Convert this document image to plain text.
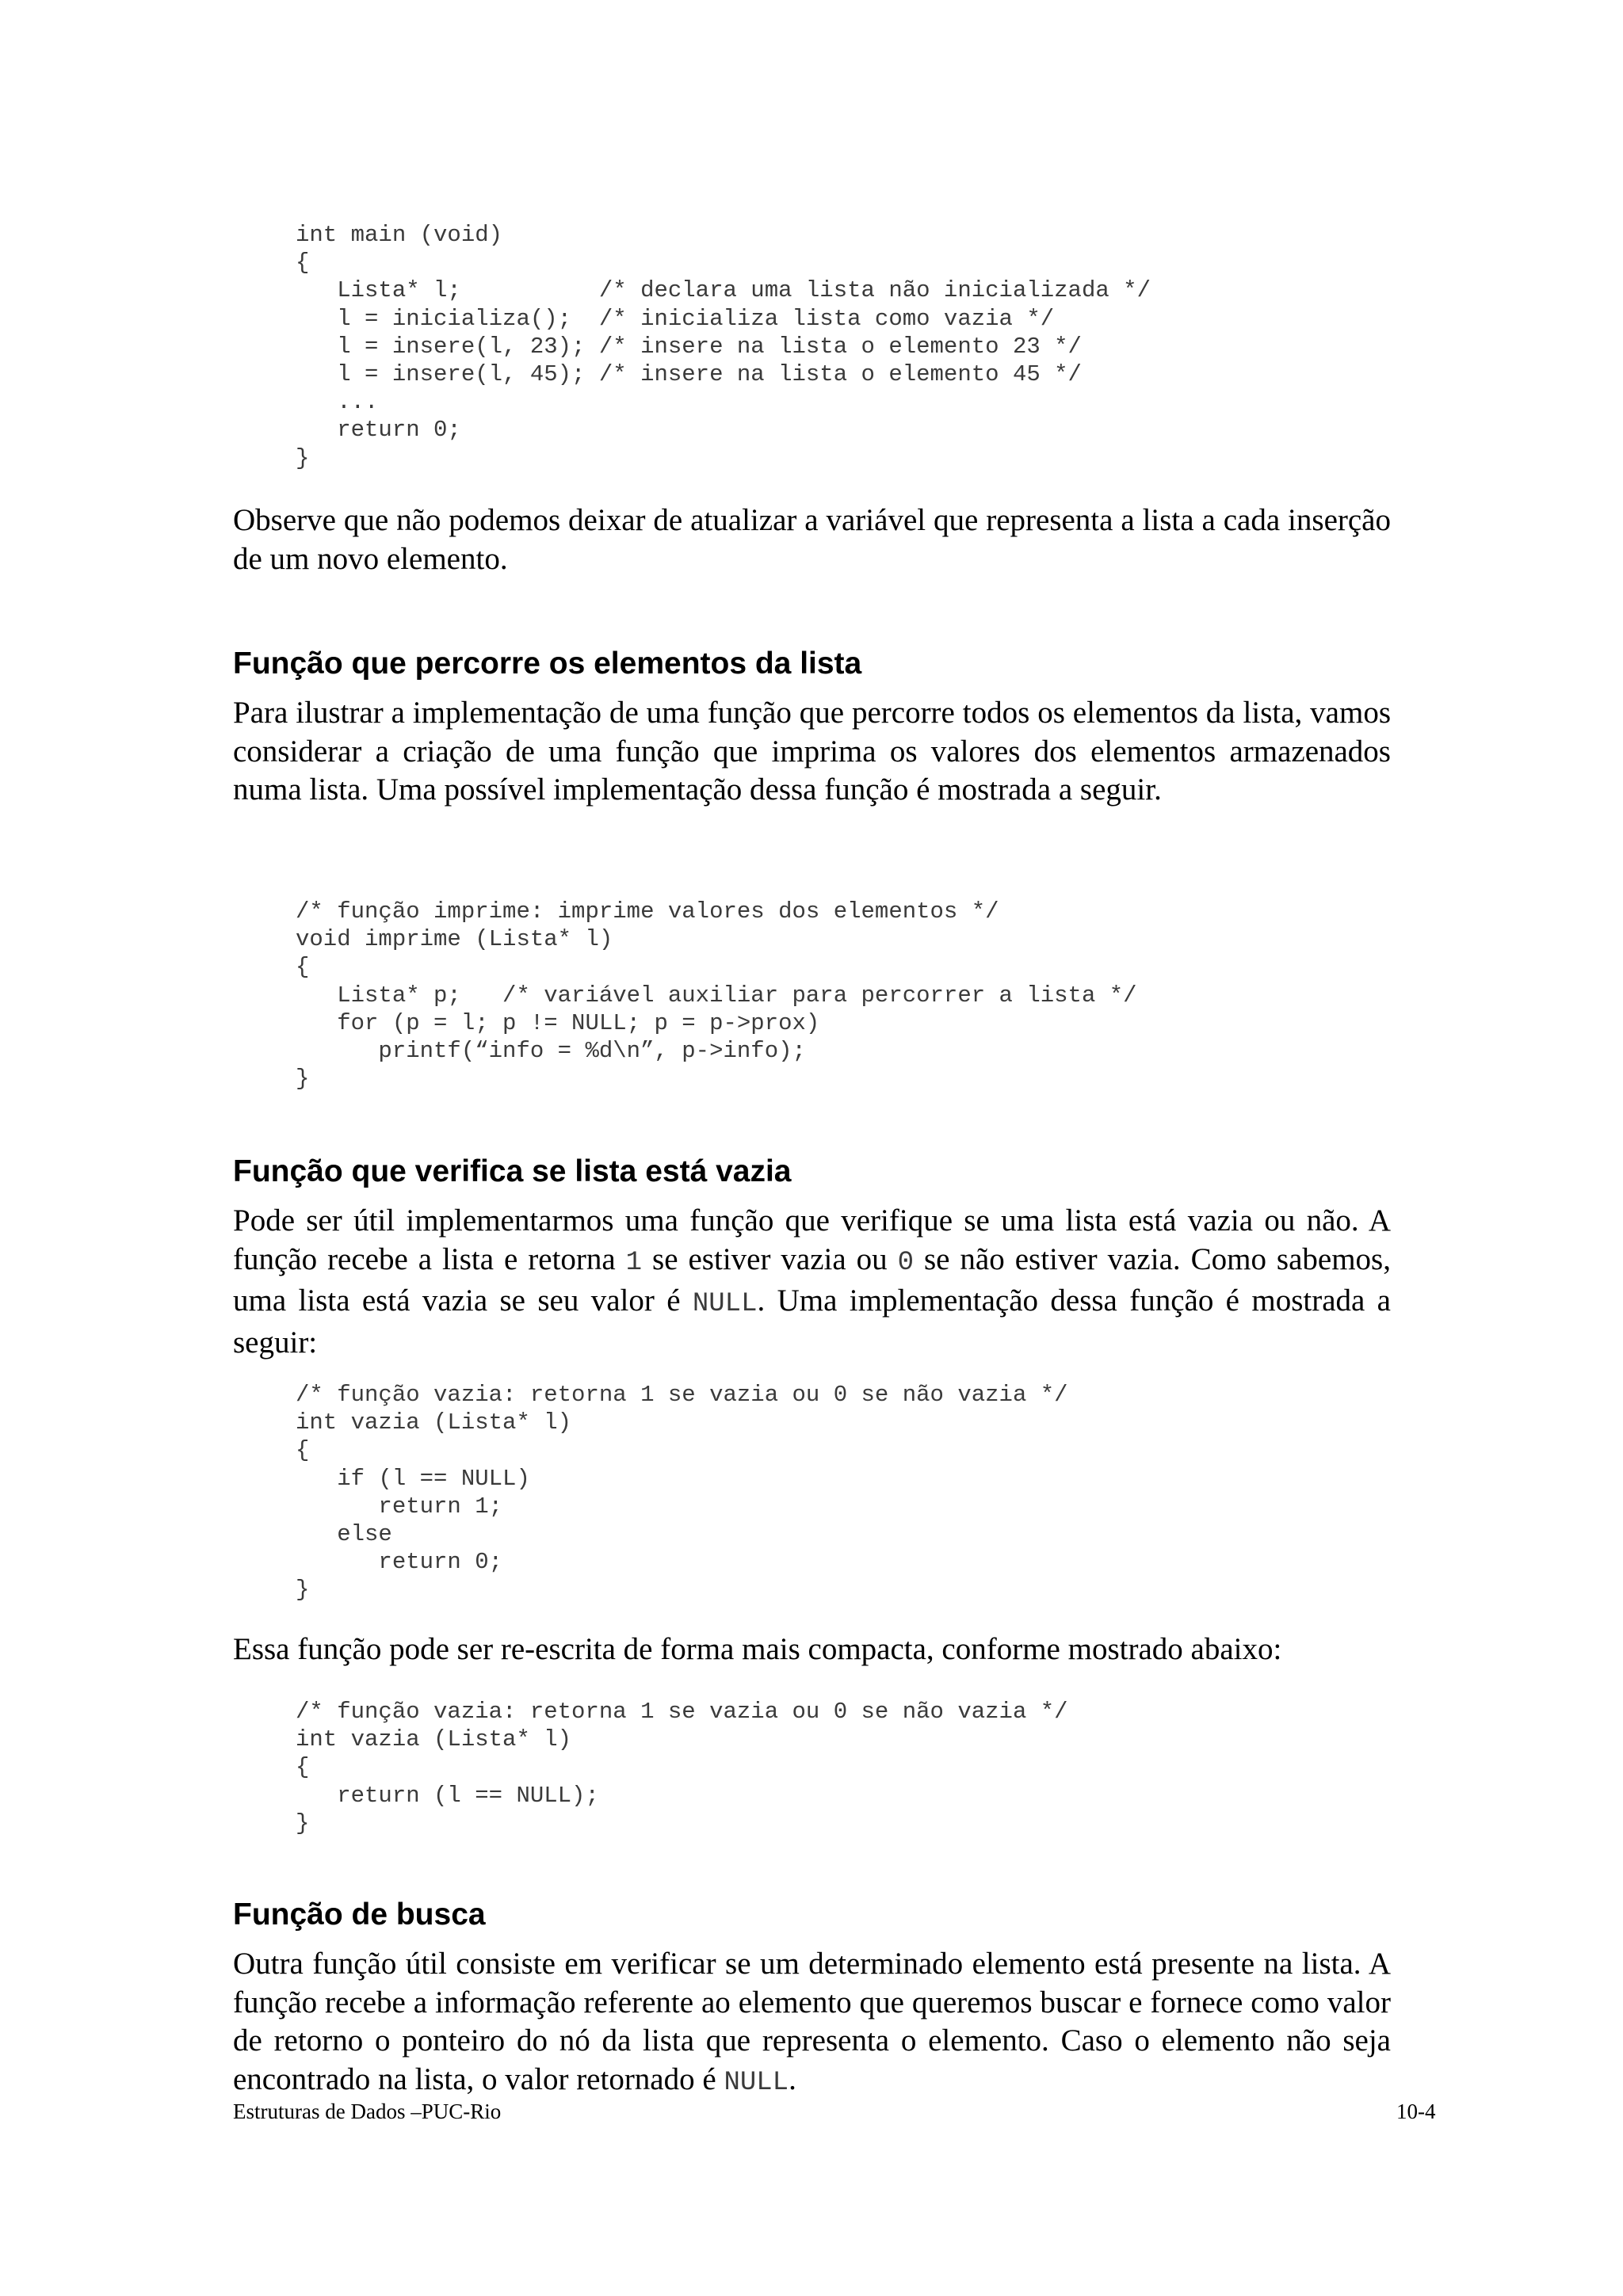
int main (void)
{
Lista* l;          /* declara uma lista não inicializada */
l = inicializa();  /* inicializa lista como vazia */
l = insere(l, 23); /* insere na lista o elemento 23 */
l = insere(l, 45); /* insere na lista o elemento 45 */
...
return 0;
}

Observe que não podemos deixar de atualizar a variável que representa a lista a cada inserção de um novo elemento.

Função que percorre os elementos da lista

Para ilustrar a implementação de uma função que percorre todos os elementos da lista, vamos considerar a criação de uma função que imprima os valores dos elementos armazenados numa lista. Uma possível implementação dessa função é mostrada a seguir.

/* função imprime: imprime valores dos elementos */
void imprime (Lista* l)
{
Lista* p;   /* variável auxiliar para percorrer a lista */
for (p = l; p != NULL; p = p->prox)
printf(“info = %d\n”, p->info);
}
Função que verifica se lista está vazia

Pode ser útil implementarmos uma função que verifique se uma lista está vazia ou não. A função recebe a lista e retorna 1 se estiver vazia ou 0 se não estiver vazia. Como sabemos, uma lista está vazia se seu valor é NULL. Uma implementação dessa função é mostrada a seguir:

/* função vazia: retorna 1 se vazia ou 0 se não vazia */
int vazia (Lista* l)
{
if (l == NULL)
return 1;
else
return 0;
}

Essa função pode ser re-escrita de forma mais compacta, conforme mostrado abaixo:

/* função vazia: retorna 1 se vazia ou 0 se não vazia */
int vazia (Lista* l)
{
return (l == NULL);
}
Função de busca

Outra função útil consiste em verificar se um determinado elemento está presente na lista. A função recebe a informação referente ao elemento que queremos buscar e fornece como valor de retorno o ponteiro do nó da lista que representa o elemento. Caso o elemento não seja encontrado na lista, o valor retornado é NULL.

Estruturas de Dados –PUC-Rio	10-4
